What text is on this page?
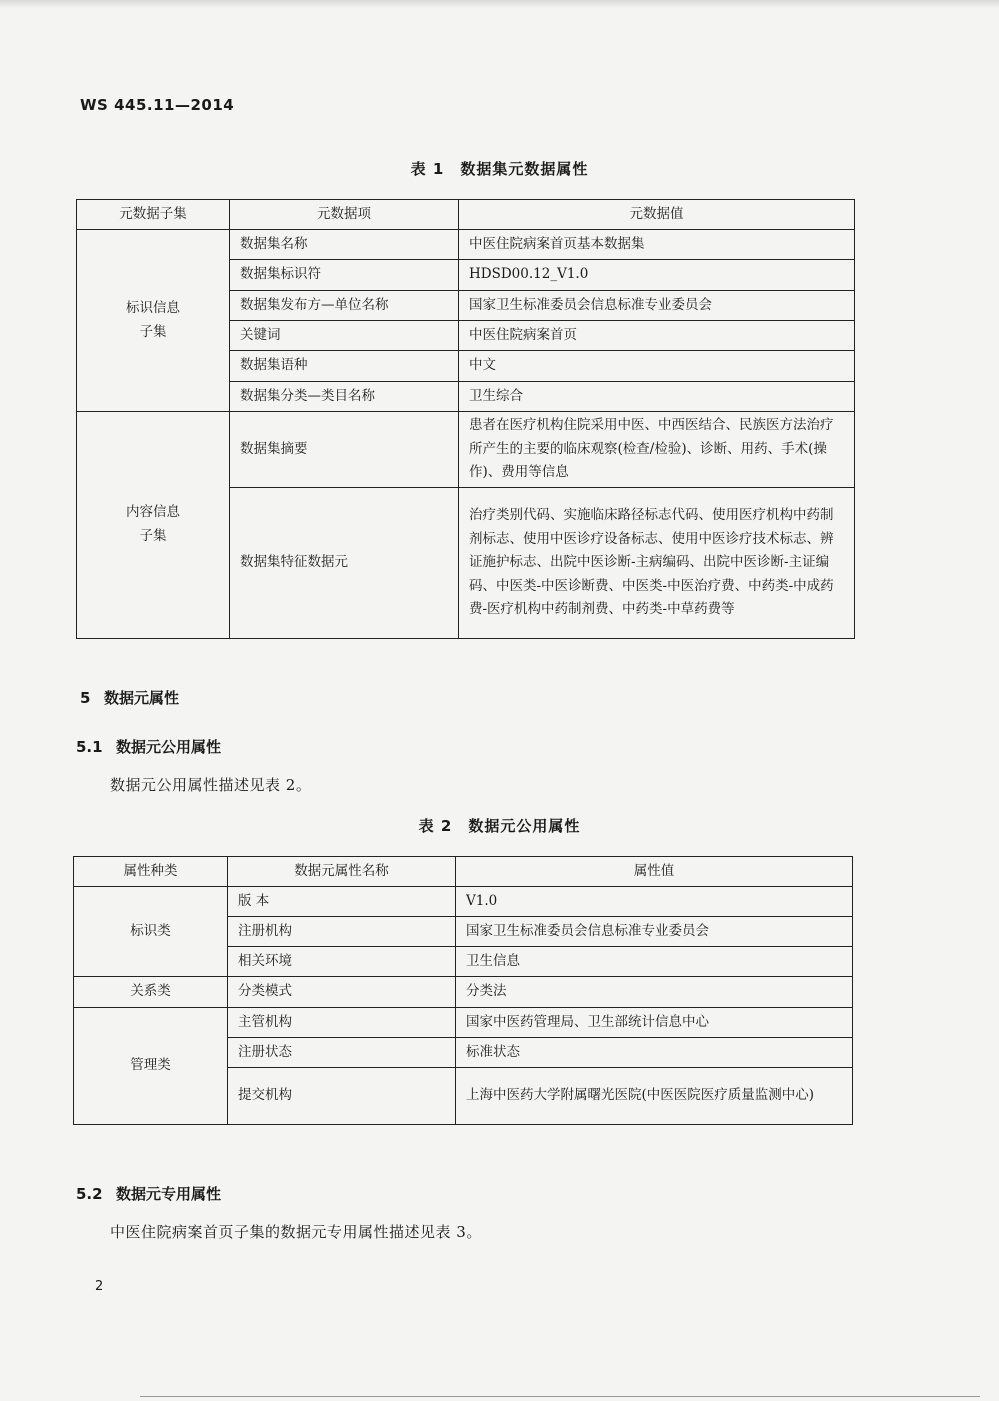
WS 445.11—2014
表 1　数据集元数据属性
元数据子集	元数据项	元数据值
标识信息
子集	数据集名称	中医住院病案首页基本数据集
	数据集标识符	HDSD00.12_V1.0
	数据集发布方—单位名称	国家卫生标准委员会信息标准专业委员会
	关键词	中医住院病案首页
	数据集语种	中文
	数据集分类—类目名称	卫生综合
内容信息
子集	数据集摘要	患者在医疗机构住院采用中医、中西医结合、民族医方法治疗所产生的主要的临床观察(检查/检验)、诊断、用药、手术(操作)、费用等信息
	数据集特征数据元	治疗类别代码、实施临床路径标志代码、使用医疗机构中药制剂标志、使用中医诊疗设备标志、使用中医诊疗技术标志、辨证施护标志、出院中医诊断-主病编码、出院中医诊断-主证编码、中医类-中医诊断费、中医类-中医治疗费、中药类-中成药费-医疗机构中药制剂费、中药类-中草药费等
5 数据元属性
5.1 数据元公用属性
数据元公用属性描述见表 2。
表 2　数据元公用属性
属性种类	数据元属性名称	属性值
标识类	版 本	V1.0
	注册机构	国家卫生标准委员会信息标准专业委员会
	相关环境	卫生信息
关系类	分类模式	分类法
管理类	主管机构	国家中医药管理局、卫生部统计信息中心
	注册状态	标准状态
	提交机构	上海中医药大学附属曙光医院(中医医院医疗质量监测中心)
5.2 数据元专用属性
中医住院病案首页子集的数据元专用属性描述见表 3。
2
